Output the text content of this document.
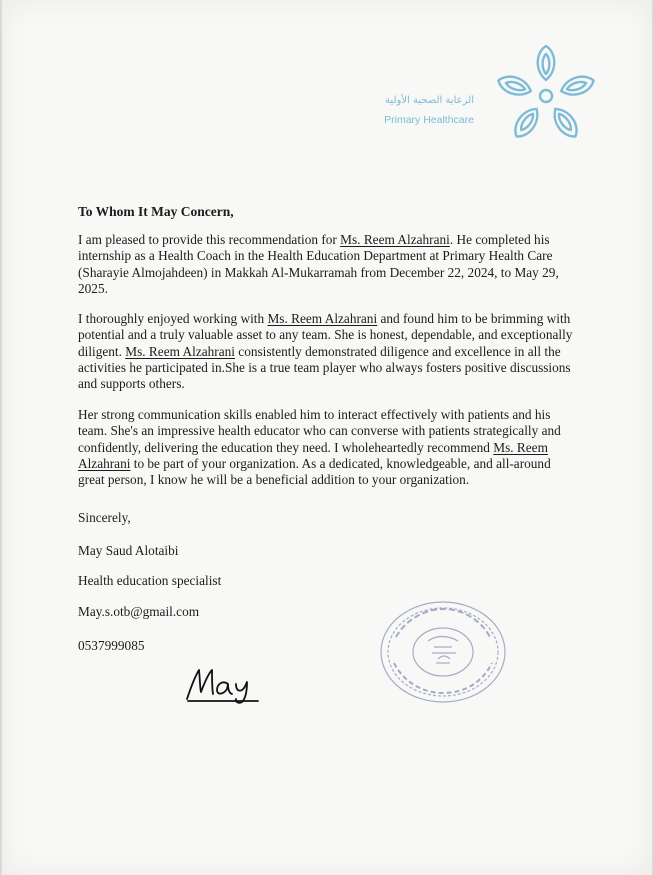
الرعاية الصحية الأولية
Primary Healthcare
To Whom It May Concern,
I am pleased to provide this recommendation for Ms. Reem Alzahrani. He completed his internship as a Health Coach in the Health Education Department at Primary Health Care (Sharayie Almojahdeen) in Makkah Al-Mukarramah from December 22, 2024, to May 29, 2025.
I thoroughly enjoyed working with Ms. Reem Alzahrani and found him to be brimming with potential and a truly valuable asset to any team. She is honest, dependable, and exceptionally diligent. Ms. Reem Alzahrani consistently demonstrated diligence and excellence in all the activities he participated in.She is a true team player who always fosters positive discussions and supports others.
Her strong communication skills enabled him to interact effectively with patients and his team. She's an impressive health educator who can converse with patients strategically and confidently, delivering the education they need. I wholeheartedly recommend Ms. Reem Alzahrani to be part of your organization. As a dedicated, knowledgeable, and all-around great person, I know he will be a beneficial addition to your organization.
Sincerely,
May Saud Alotaibi
Health education specialist
May.s.otb@gmail.com
0537999085
